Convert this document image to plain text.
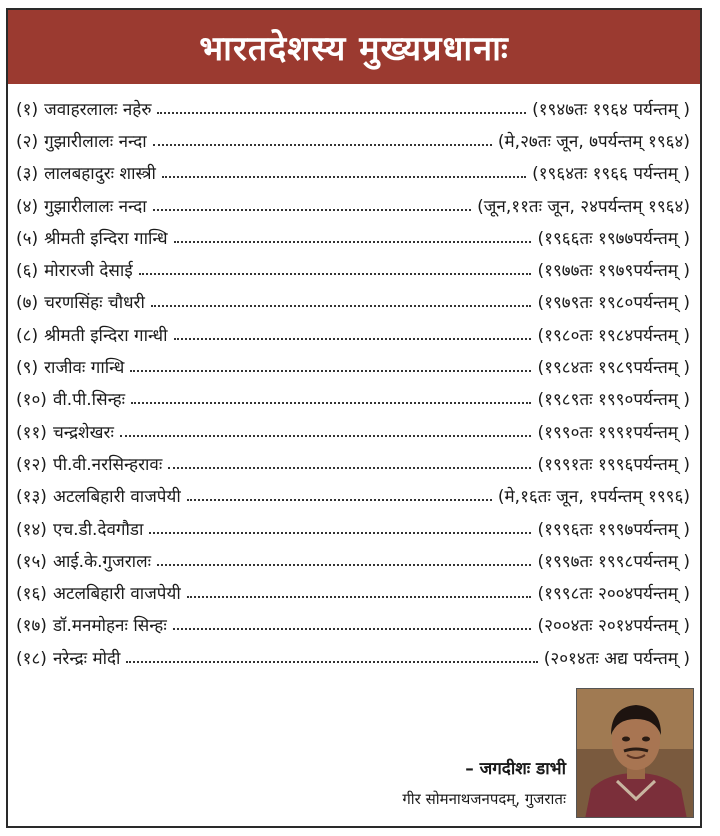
भारतदेशस्य मुख्यप्रधानाः
(१) जवाहरलालः नहेरु	(१९४७तः १९६४ पर्यन्तम् )
(२) गुझारीलालः नन्दा	(मे,२७तः जून, ७पर्यन्तम् १९६४)
(३) लालबहादुरः शास्त्री	(१९६४तः १९६६ पर्यन्तम् )
(४) गुझारीलालः नन्दा	(जून,११तः जून, २४पर्यन्तम् १९६४)
(५) श्रीमती इन्दिरा गान्धि	(१९६६तः १९७७पर्यन्तम् )
(६) मोरारजी देसाई	(१९७७तः १९७९पर्यन्तम् )
(७) चरणसिंहः चौधरी	(१९७९तः १९८०पर्यन्तम् )
(८) श्रीमती इन्दिरा गान्धी	(१९८०तः १९८४पर्यन्तम् )
(९) राजीवः गान्धि	(१९८४तः १९८९पर्यन्तम् )
(१०) वी.पी.सिन्हः	(१९८९तः १९९०पर्यन्तम् )
(११) चन्द्रशेखरः	(१९९०तः १९९१पर्यन्तम् )
(१२) पी.वी.नरसिन्हरावः	(१९९१तः १९९६पर्यन्तम् )
(१३) अटलबिहारी वाजपेयी	(मे,१६तः जून, १पर्यन्तम् १९९६)
(१४) एच.डी.देवगौडा	(१९९६तः १९९७पर्यन्तम् )
(१५) आई.के.गुजरालः	(१९९७तः १९९८पर्यन्तम् )
(१६) अटलबिहारी वाजपेयी	(१९९८तः २००४पर्यन्तम् )
(१७) डॉ.मनमोहनः सिन्हः	(२००४तः २०१४पर्यन्तम् )
(१८) नरेन्द्रः मोदी	(२०१४तः अद्य पर्यन्तम् )
– जगदीशः डाभी
गीर सोमनाथजनपदम्, गुजरातः
